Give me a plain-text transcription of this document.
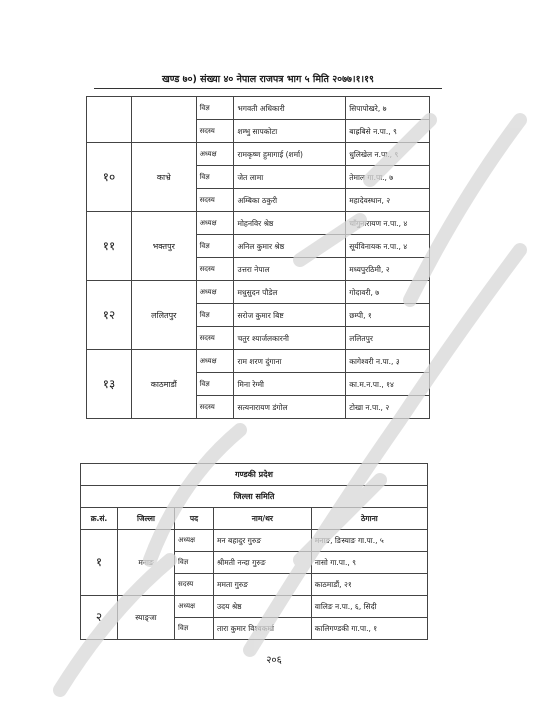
खण्ड ७०) संख्या ४० नेपाल राजपत्र भाग ५ मिति २०७७।१।१९
		विज्ञ	भगवती अधिकारी	सिपापोखरे, ७
		सदस्य	शम्भु सापकोटा	बाह्रबिसे न.पा., ९
१०	काभ्रे	अध्यक्ष	रामकृष्ण हुमागाई (शर्मा)	धुलिखेल न.पा., ९
		विज्ञ	जेत लामा	तेमाल गा.पा., ७
		सदस्य	अम्बिका ठकुरी	महादेवस्थान, २
११	भक्तपुर	अध्यक्ष	मोहनविर श्रेष्ठ	चाँगुनारायण न.पा., ४
		विज्ञ	अनिल कुमार श्रेष्ठ	सूर्यविनायक न.पा., ४
		सदस्य	उत्तरा नेपाल	मध्यपुरठिमी, २
१२	ललितपुर	अध्यक्ष	मधुसुदन पौडेल	गोदावरी, ७
		विज्ञ	सरोज कुमार बिष्ट	छम्पी, १
		सदस्य	चतुर श्यार्जलकारनी	ललितपुर
१३	काठमाडौं	अध्यक्ष	राम शरण दुंगाना	कागेश्वरी न.पा., ३
		विज्ञ	मिना रेग्मी	का.म.न.पा., १४
		सदस्य	सत्यनारायण डंगोल	टोखा न.पा., २
गण्डकी प्रदेश				
जिल्ला समिति				
क्र.सं.	जिल्ला	पद	नाम/थर	ठेगाना
१	मनाङ	अध्यक्ष	मन बहादुर गुरुङ	मनाङ, ङिस्याङ गा.पा., ५
		विज्ञ	श्रीमती नन्दा गुरुङ	नासो गा.पा., ९
		सदस्य	ममता गुरुङ	काठमाडौं, २१
२	स्याङ्जा	अध्यक्ष	उदय श्रेष्ठ	वालिङ न.पा., ६, सिदी
		विज्ञ	तारा कुमार विश्वकर्मा	कालिगण्डकी गा.पा., १
२०६
